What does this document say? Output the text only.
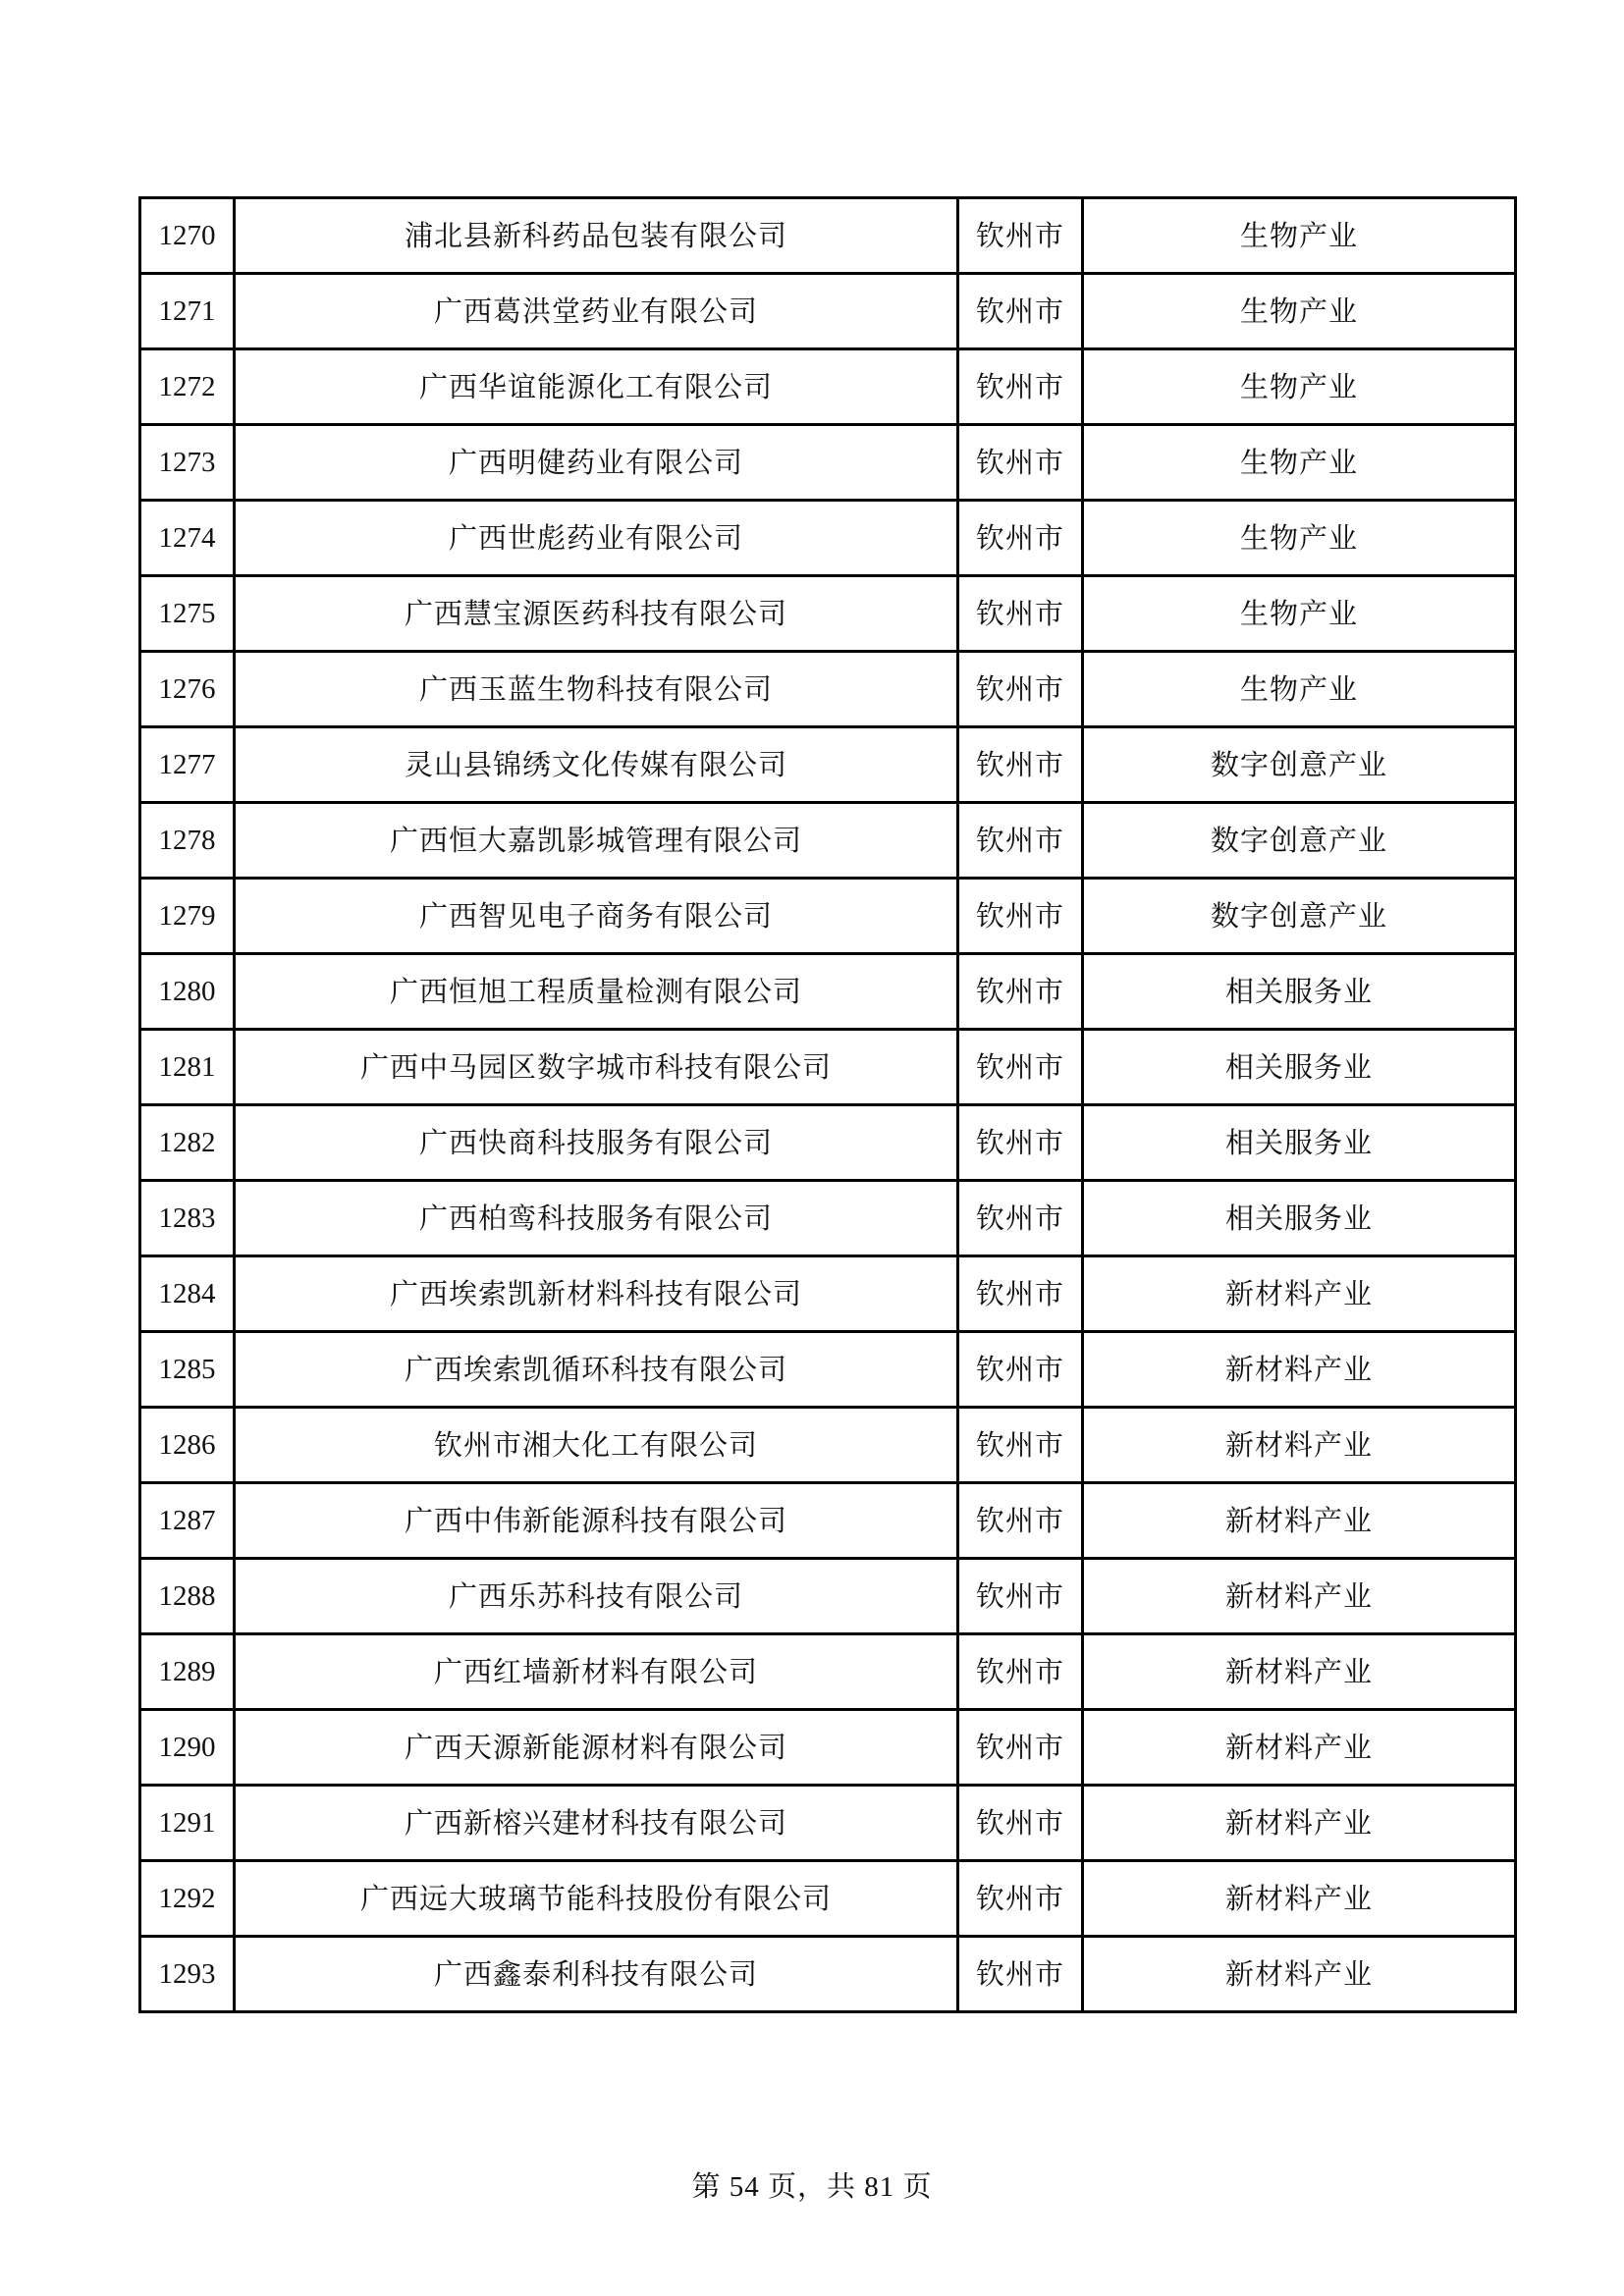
1270	浦北县新科药品包装有限公司	钦州市	生物产业
1271	广西葛洪堂药业有限公司	钦州市	生物产业
1272	广西华谊能源化工有限公司	钦州市	生物产业
1273	广西明健药业有限公司	钦州市	生物产业
1274	广西世彪药业有限公司	钦州市	生物产业
1275	广西慧宝源医药科技有限公司	钦州市	生物产业
1276	广西玉蓝生物科技有限公司	钦州市	生物产业
1277	灵山县锦绣文化传媒有限公司	钦州市	数字创意产业
1278	广西恒大嘉凯影城管理有限公司	钦州市	数字创意产业
1279	广西智见电子商务有限公司	钦州市	数字创意产业
1280	广西恒旭工程质量检测有限公司	钦州市	相关服务业
1281	广西中马园区数字城市科技有限公司	钦州市	相关服务业
1282	广西快商科技服务有限公司	钦州市	相关服务业
1283	广西柏鸾科技服务有限公司	钦州市	相关服务业
1284	广西埃索凯新材料科技有限公司	钦州市	新材料产业
1285	广西埃索凯循环科技有限公司	钦州市	新材料产业
1286	钦州市湘大化工有限公司	钦州市	新材料产业
1287	广西中伟新能源科技有限公司	钦州市	新材料产业
1288	广西乐苏科技有限公司	钦州市	新材料产业
1289	广西红墙新材料有限公司	钦州市	新材料产业
1290	广西天源新能源材料有限公司	钦州市	新材料产业
1291	广西新榕兴建材科技有限公司	钦州市	新材料产业
1292	广西远大玻璃节能科技股份有限公司	钦州市	新材料产业
1293	广西鑫泰利科技有限公司	钦州市	新材料产业
第 54 页，共 81 页
